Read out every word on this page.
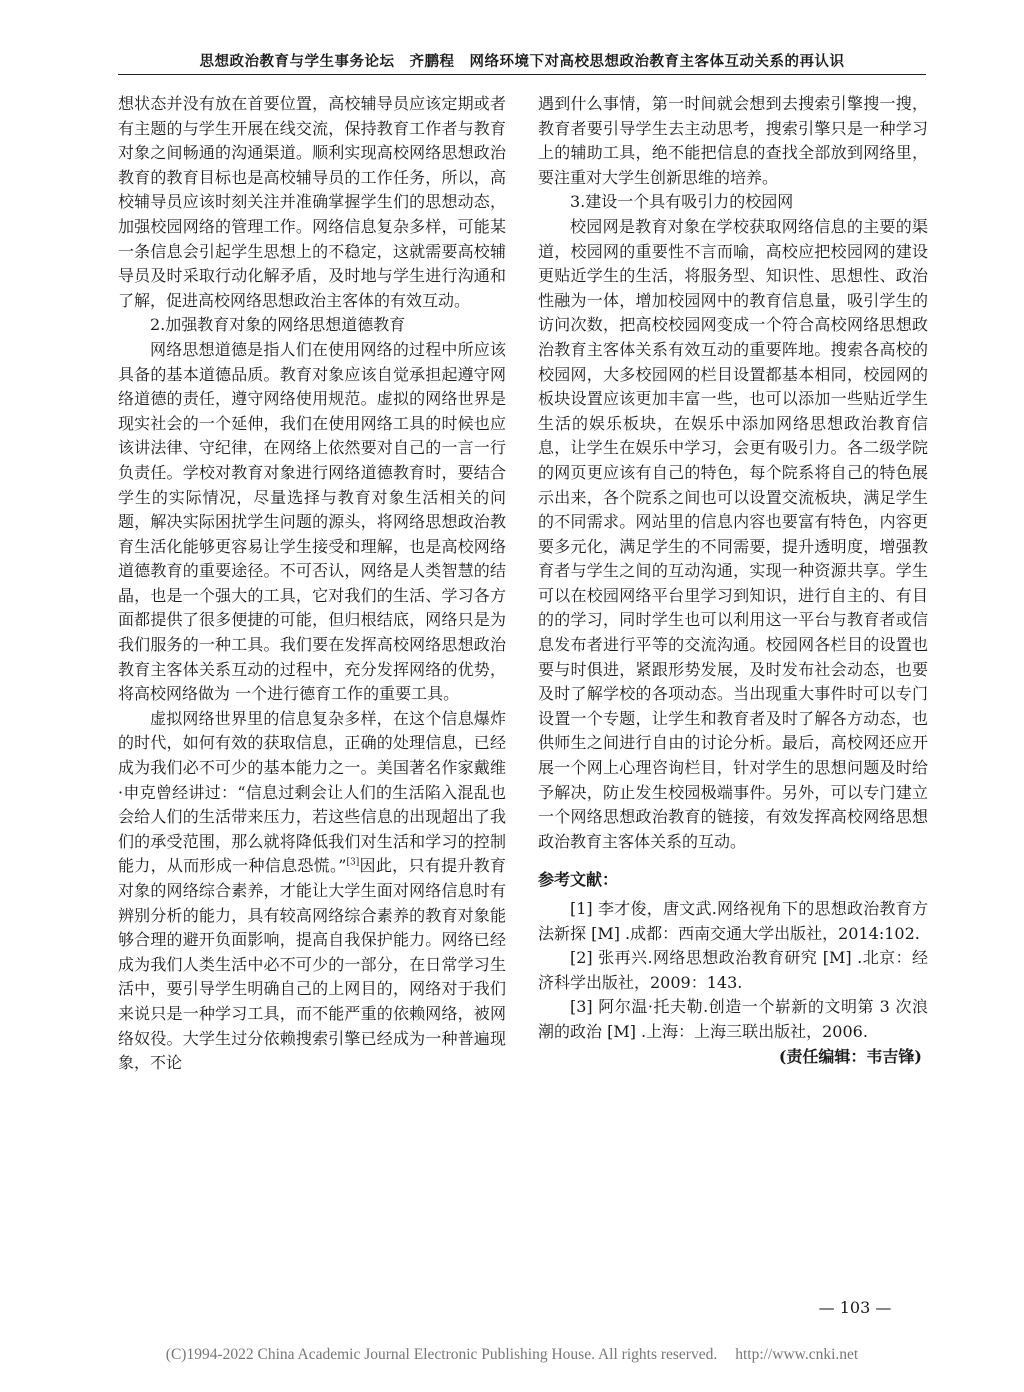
思想政治教育与学生事务论坛　齐鹏程　网络环境下对高校思想政治教育主客体互动关系的再认识

想状态并没有放在首要位置，高校辅导员应该定期或者有主题的与学生开展在线交流，保持教育工作者与教育对象之间畅通的沟通渠道。顺利实现高校网络思想政治教育的教育目标也是高校辅导员的工作任务，所以，高校辅导员应该时刻关注并准确掌握学生们的思想动态，加强校园网络的管理工作。网络信息复杂多样，可能某一条信息会引起学生思想上的不稳定，这就需要高校辅导员及时采取行动化解矛盾，及时地与学生进行沟通和了解，促进高校网络思想政治主客体的有效互动。

2.加强教育对象的网络思想道德教育

网络思想道德是指人们在使用网络的过程中所应该具备的基本道德品质。教育对象应该自觉承担起遵守网络道德的责任，遵守网络使用规范。虚拟的网络世界是现实社会的一个延伸，我们在使用网络工具的时候也应该讲法律、守纪律，在网络上依然要对自己的一言一行负责任。学校对教育对象进行网络道德教育时，要结合学生的实际情况，尽量选择与教育对象生活相关的问题，解决实际困扰学生问题的源头，将网络思想政治教育生活化能够更容易让学生接受和理解，也是高校网络道德教育的重要途径。不可否认，网络是人类智慧的结晶，也是一个强大的工具，它对我们的生活、学习各方面都提供了很多便捷的可能，但归根结底，网络只是为我们服务的一种工具。我们要在发挥高校网络思想政治教育主客体关系互动的过程中，充分发挥网络的优势，将高校网络做为 一个进行德育工作的重要工具。

虚拟网络世界里的信息复杂多样，在这个信息爆炸的时代，如何有效的获取信息，正确的处理信息，已经成为我们必不可少的基本能力之一。美国著名作家戴维·申克曾经讲过：“信息过剩会让人们的生活陷入混乱也会给人们的生活带来压力，若这些信息的出现超出了我们的承受范围，那么就将降低我们对生活和学习的控制能力，从而形成一种信息恐慌。”[3]因此，只有提升教育对象的网络综合素养，才能让大学生面对网络信息时有辨别分析的能力，具有较高网络综合素养的教育对象能够合理的避开负面影响，提高自我保护能力。网络已经成为我们人类生活中必不可少的一部分，在日常学习生活中，要引导学生明确自己的上网目的，网络对于我们来说只是一种学习工具，而不能严重的依赖网络，被网络奴役。大学生过分依赖搜索引擎已经成为一种普遍现象，不论

遇到什么事情，第一时间就会想到去搜索引擎搜一搜，教育者要引导学生去主动思考，搜索引擎只是一种学习上的辅助工具，绝不能把信息的查找全部放到网络里，要注重对大学生创新思维的培养。

3.建设一个具有吸引力的校园网

校园网是教育对象在学校获取网络信息的主要的渠道，校园网的重要性不言而喻，高校应把校园网的建设更贴近学生的生活，将服务型、知识性、思想性、政治性融为一体，增加校园网中的教育信息量，吸引学生的访问次数，把高校校园网变成一个符合高校网络思想政治教育主客体关系有效互动的重要阵地。搜索各高校的校园网，大多校园网的栏目设置都基本相同，校园网的板块设置应该更加丰富一些，也可以添加一些贴近学生生活的娱乐板块，在娱乐中添加网络思想政治教育信息，让学生在娱乐中学习，会更有吸引力。各二级学院的网页更应该有自己的特色，每个院系将自己的特色展示出来，各个院系之间也可以设置交流板块，满足学生的不同需求。网站里的信息内容也要富有特色，内容更要多元化，满足学生的不同需要，提升透明度，增强教育者与学生之间的互动沟通，实现一种资源共享。学生可以在校园网络平台里学习到知识，进行自主的、有目的的学习，同时学生也可以利用这一平台与教育者或信息发布者进行平等的交流沟通。校园网各栏目的设置也要与时俱进，紧跟形势发展，及时发布社会动态，也要及时了解学校的各项动态。当出现重大事件时可以专门设置一个专题，让学生和教育者及时了解各方动态，也供师生之间进行自由的讨论分析。最后，高校网还应开展一个网上心理咨询栏目，针对学生的思想问题及时给予解决，防止发生校园极端事件。另外，可以专门建立一个网络思想政治教育的链接，有效发挥高校网络思想政治教育主客体关系的互动。

参考文献：

[1] 李才俊，唐文武.网络视角下的思想政治教育方法新探 [M] .成都：西南交通大学出版社，2014:102.

[2] 张再兴.网络思想政治教育研究 [M] .北京：经济科学出版社，2009：143.

[3] 阿尔温·托夫勒.创造一个崭新的文明第 3 次浪潮的政治 [M] .上海：上海三联出版社，2006.

(责任编辑：韦吉锋)

— 103 —
(C)1994-2022 China Academic Journal Electronic Publishing House. All rights reserved. http://www.cnki.net
